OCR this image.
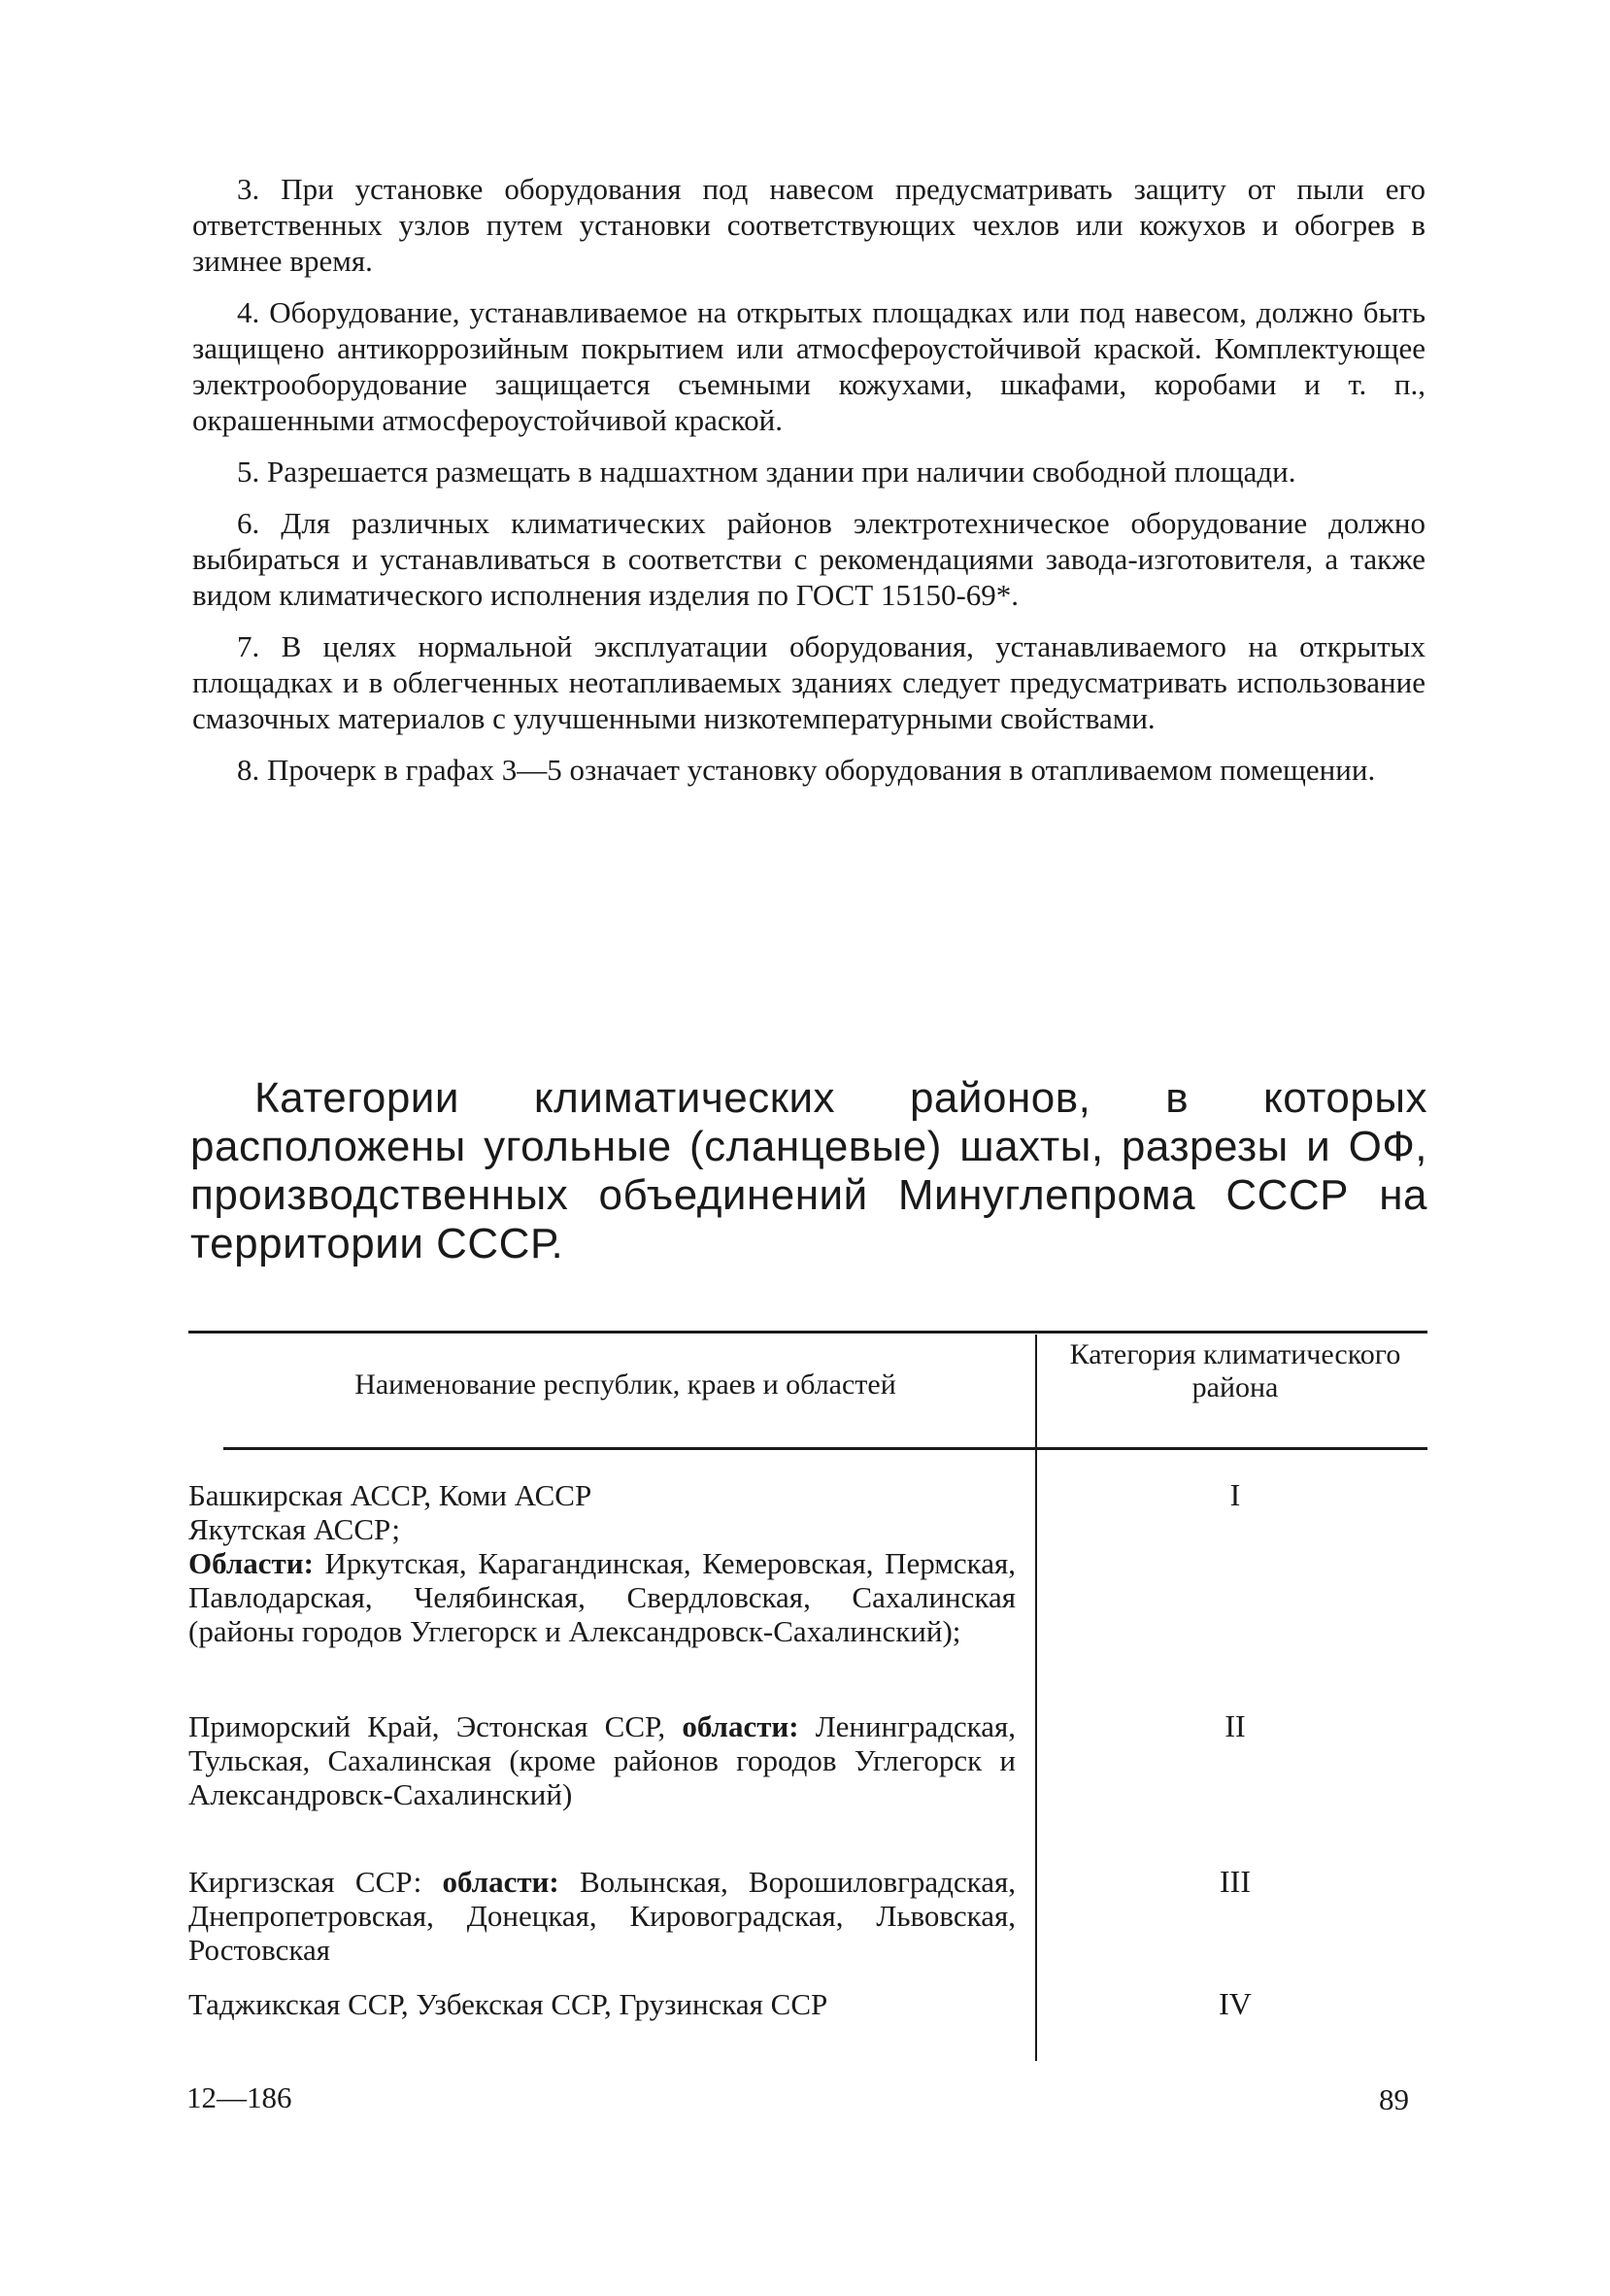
3. При установке оборудования под навесом предусматривать защиту от пыли его ответственных узлов путем установки соответствующих чехлов или кожухов и обогрев в зимнее время.

4. Оборудование, устанавливаемое на открытых площадках или под навесом, должно быть защищено антикоррозийным покрытием или атмосфероустойчивой краской. Комплектующее электрооборудование защищается съемными кожухами, шкафами, коробами и т. п., окрашенными атмосфероустойчивой краской.

5. Разрешается размещать в надшахтном здании при наличии свободной площади.

6. Для различных климатических районов электротехническое оборудование должно выбираться и устанавливаться в соответстви с рекомендациями завода-изготовителя, а также видом климатического исполнения изделия по ГОСТ 15150-69*.

7. В целях нормальной эксплуатации оборудования, устанавливаемого на открытых площадках и в облегченных неотапливаемых зданиях следует предусматривать использование смазочных материалов с улучшенными низкотемпературными свойствами.

8. Прочерк в графах 3—5 означает установку оборудования в отапливаемом помещении.

Категории климатических районов, в которых расположены угольные (сланцевые) шахты, разрезы и ОФ, производственных объединений Минуглепрома СССР на территории СССР.

Наименование республик, краев и областей
Категория климатического района
Башкирская АССР, Коми АССР
Якутская АССР;
Области: Иркутская, Карагандинская, Кемеровская, Пермская, Павлодарская, Челябинская, Свердловская, Сахалинская (районы городов Углегорск и Александровск-Сахалинский);
I
Приморский Край, Эстонская ССР, области: Ленинградская, Тульская, Сахалинская (кроме районов городов Углегорск и Александровск-Сахалинский)
II
Киргизская ССР: области: Волынская, Ворошиловградская, Днепропетровская, Донецкая, Кировоградская, Львовская, Ростовская
III
Таджикская ССР, Узбекская ССР, Грузинская ССР	IV
12—186	89
